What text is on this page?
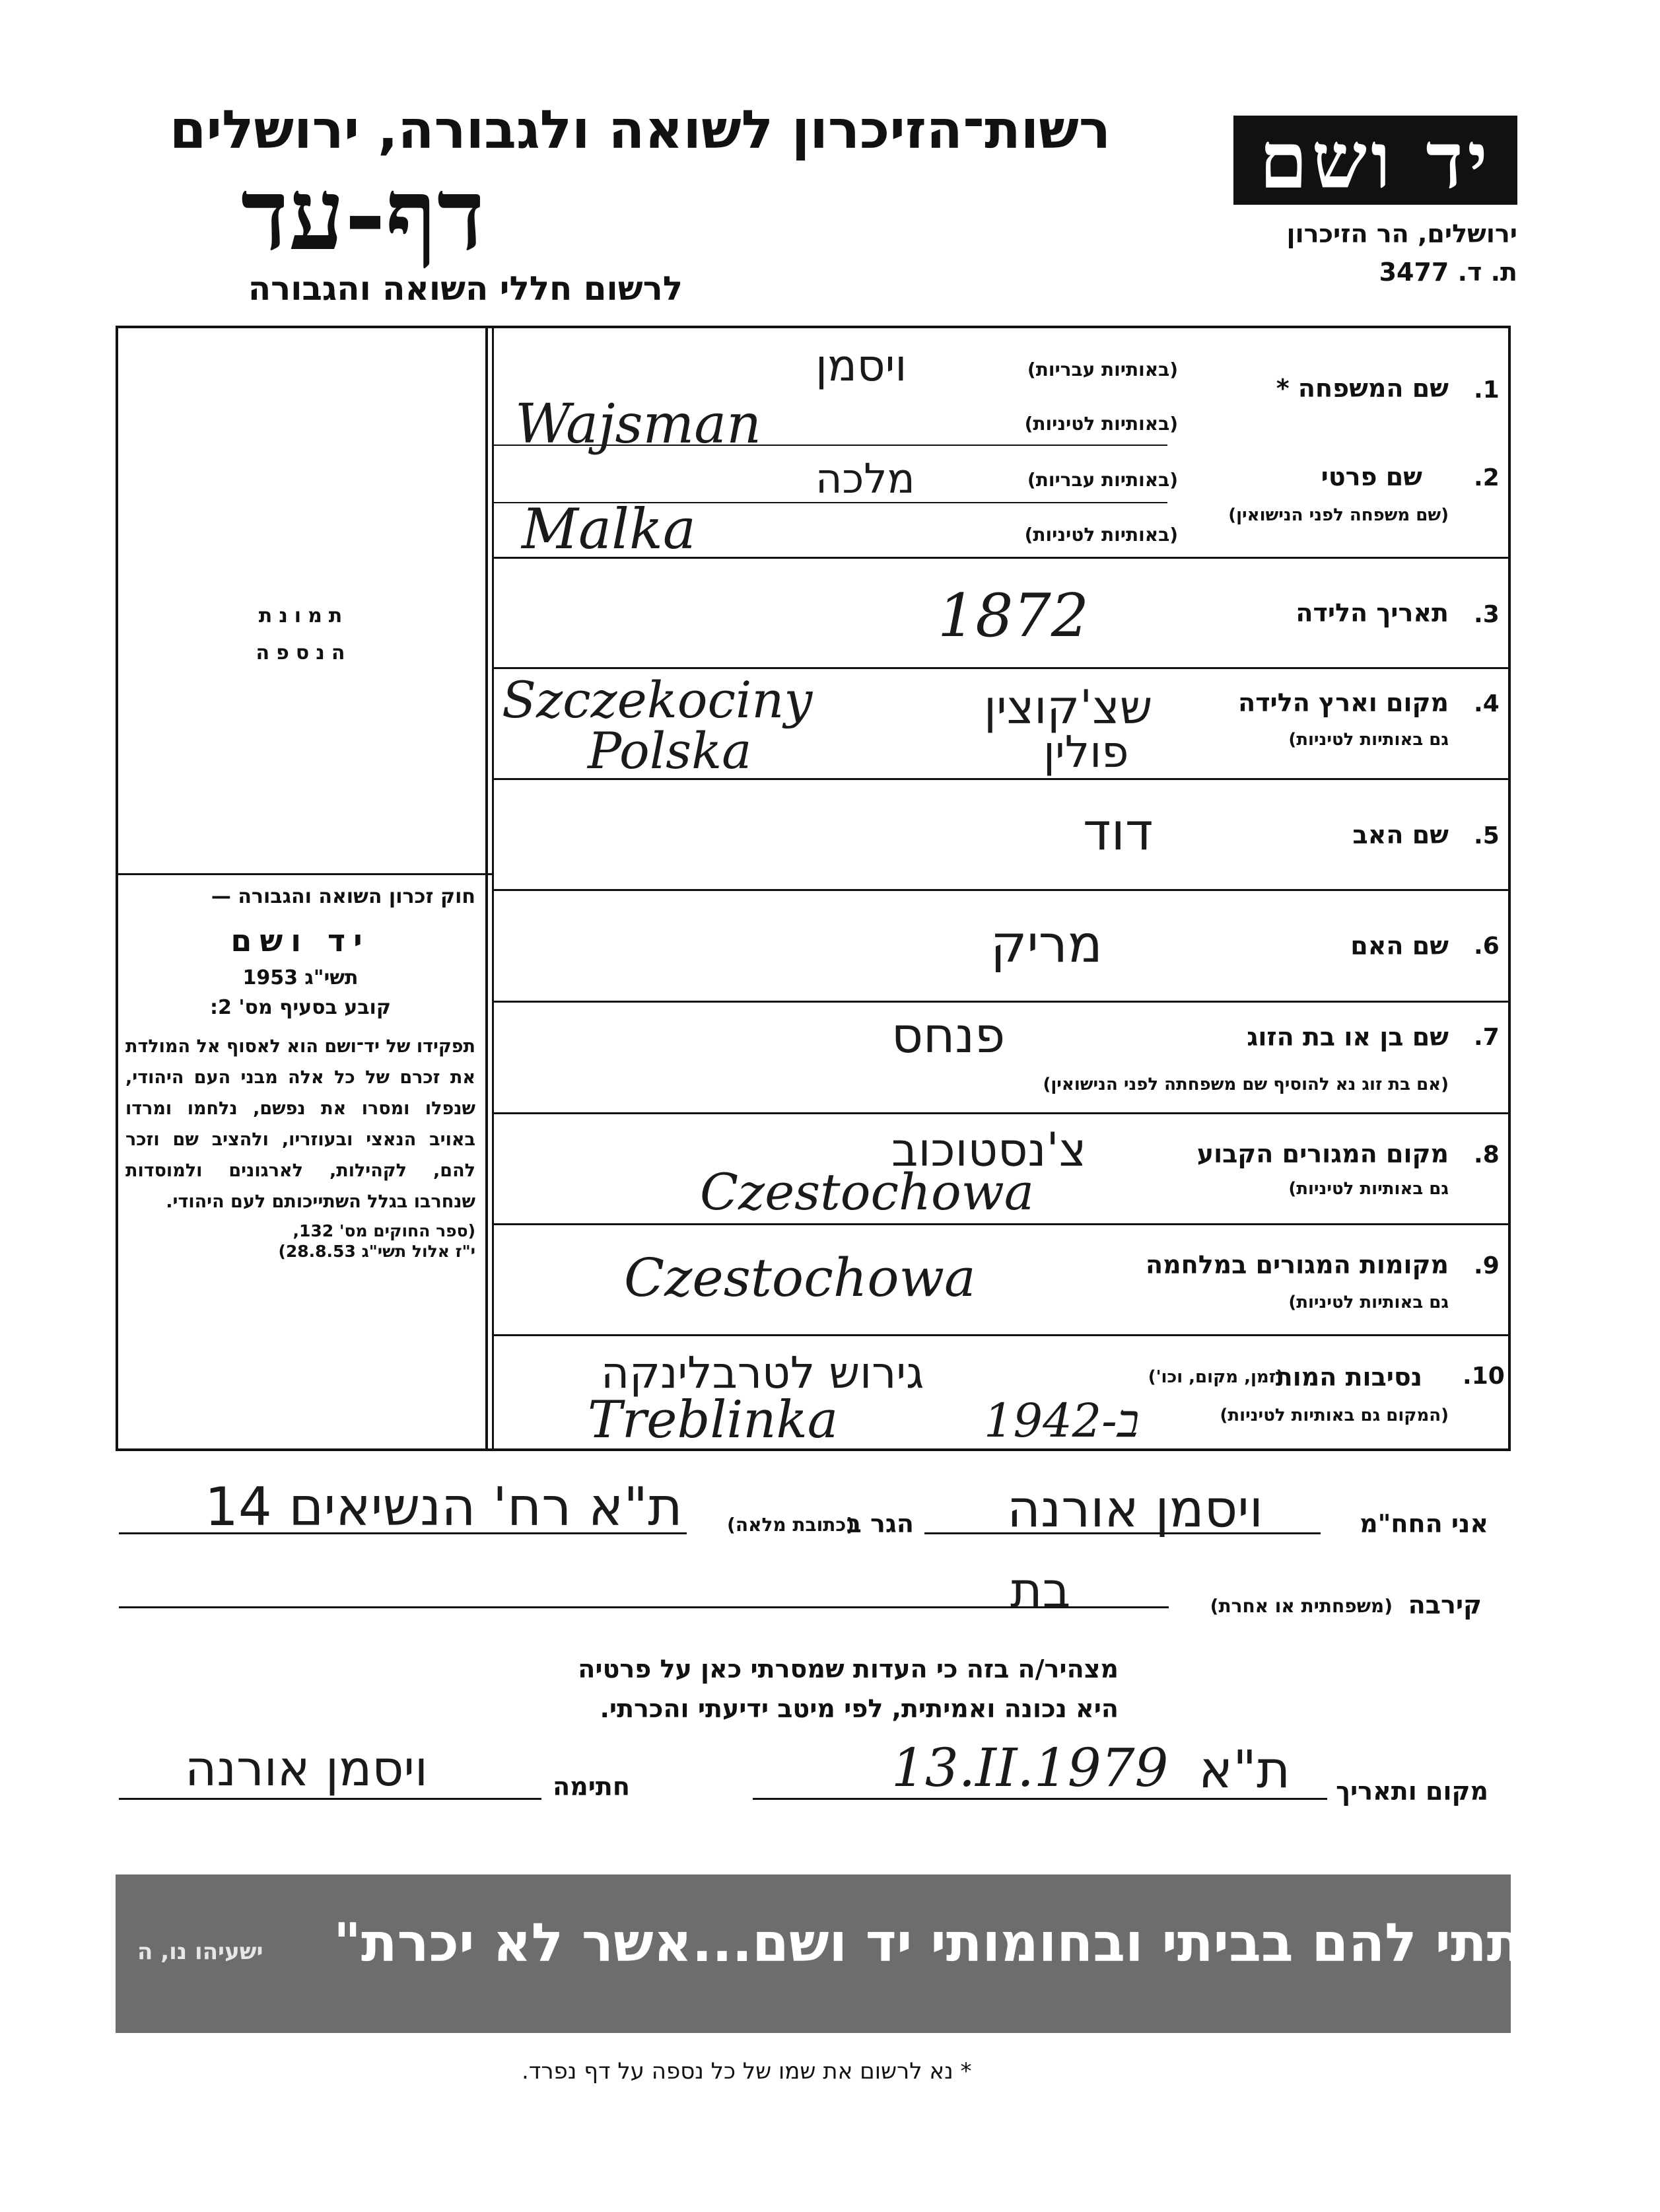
יד ושם
ירושלים, הר הזיכרון
ת. ד. 3477
רשות־הזיכרון לשואה ולגבורה, ירושלים
דף-עד
לרשום חללי השואה והגבורה
תמונת
הנספה
חוק זכרון השואה והגבורה —
יד ושם
תשי"ג 1953
קובע בסעיף מס' 2:
תפקידו של יד־ושם הוא לאסוף אל המולדת את זכרם של כל אלה מבני העם היהודי, שנפלו ומסרו את נפשם, נלחמו ומרדו באויב הנאצי ובעוזריו, ולהציב שם וזכר להם, לקהילות, לארגונים ולמוסדות שנחרבו בגלל השתייכותם לעם היהודי.
(ספר החוקים מס' 132,
י"ז אלול תשי"ג 28.8.53)
1.
שם המשפחה *
(באותיות עבריות)
(באותיות לטיניות)
ויסמן
Wajsman
2.
שם פרטי
(שם משפחה לפני הנישואין)
(באותיות עבריות)
(באותיות לטיניות)
מלכה
Malka
3.
תאריך הלידה
1872
4.
מקום וארץ הלידה
גם באותיות לטיניות)
שצ'קוצין
פולין
Szczekociny
Polska
5.
שם האב
דוד
6.
שם האם
מריק
7.
שם בן או בת הזוג
(אם בת זוג נא להוסיף שם משפחתה לפני הנישואין)
פנחס
8.
מקום המגורים הקבוע
גם באותיות לטיניות)
צ'נסטוכוב
Czestochowa
9.
מקומות המגורים במלחמה
גם באותיות לטיניות)
Czestochowa
10.
נסיבות המות
(זמן, מקום, וכו')
(המקום גם באותיות לטיניות)
גירוש לטרבלינקה
Treblinka	1942-ב
אני החח"מ
ויסמן אורנה
הגר ב
(כתובת מלאה)
ת"א רח' הנשיאים 14
קירבה
(משפחתית או אחרת)
בת
מצהיר/ה בזה כי העדות שמסרתי כאן על פרטיה
היא נכונה ואמיתית, לפי מיטב ידיעתי והכרתי.
מקום ותאריך
ת"א
13.II.1979
חתימה
ויסמן אורנה
"...ונתתי להם בביתי ובחומותי יד ושם...אשר לא יכרת"
ישעיהו נו, ה
* נא לרשום את שמו של כל נספה על דף נפרד.
